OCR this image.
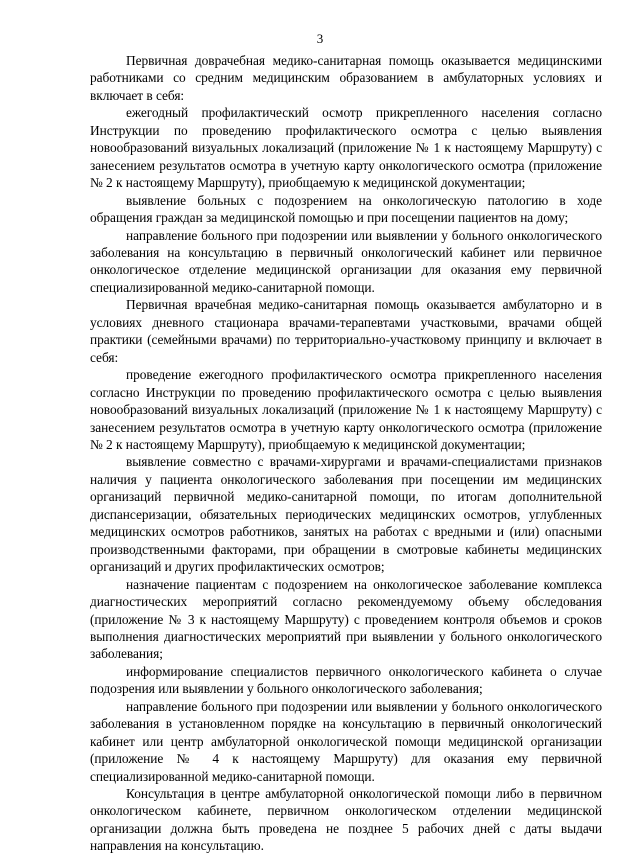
3

Первичная доврачебная медико-санитарная помощь оказывается медицинскими работниками со средним медицинским образованием в амбулаторных условиях и включает в себя:

ежегодный профилактический осмотр прикрепленного населения согласно Инструкции по проведению профилактического осмотра с целью выявления новообразований визуальных локализаций (приложение № 1 к настоящему Маршруту) с занесением результатов осмотра в учетную карту онкологического осмотра (приложение № 2 к настоящему Маршруту), приобщаемую к медицинской документации;

выявление больных с подозрением на онкологическую патологию в ходе обращения граждан за медицинской помощью и при посещении пациентов на дому;

направление больного при подозрении или выявлении у больного онкологического заболевания на консультацию в первичный онкологический кабинет или первичное онкологическое отделение медицинской организации для оказания ему первичной специализированной медико-санитарной помощи.

Первичная врачебная медико-санитарная помощь оказывается амбулаторно и в условиях дневного стационара врачами-терапевтами участковыми, врачами общей практики (семейными врачами) по территориально-участковому принципу и включает в себя:

проведение ежегодного профилактического осмотра прикрепленного населения согласно Инструкции по проведению профилактического осмотра с целью выявления новообразований визуальных локализаций (приложение № 1 к настоящему Маршруту) с занесением результатов осмотра в учетную карту онкологического осмотра (приложение № 2 к настоящему Маршруту), приобщаемую к медицинской документации;

выявление совместно с врачами-хирургами и врачами-специалистами признаков наличия у пациента онкологического заболевания при посещении им медицинских организаций первичной медико-санитарной помощи, по итогам дополнительной диспансеризации, обязательных периодических медицинских осмотров, углубленных медицинских осмотров работников, занятых на работах с вредными и (или) опасными производственными факторами, при обращении в смотровые кабинеты медицинских организаций и других профилактических осмотров;

назначение пациентам с подозрением на онкологическое заболевание комплекса диагностических мероприятий согласно рекомендуемому объему обследования (приложение № 3 к настоящему Маршруту) с проведением контроля объемов и сроков выполнения диагностических мероприятий при выявлении у больного онкологического заболевания;

информирование специалистов первичного онкологического кабинета о случае подозрения или выявлении у больного онкологического заболевания;

направление больного при подозрении или выявлении у больного онкологического заболевания в установленном порядке на консультацию в первичный онкологический кабинет или центр амбулаторной онкологической помощи медицинской организации (приложение № 4 к настоящему Маршруту) для оказания ему первичной специализированной медико-санитарной помощи.

Консультация в центре амбулаторной онкологической помощи либо в первичном онкологическом кабинете, первичном онкологическом отделении медицинской организации должна быть проведена не позднее 5 рабочих дней с даты выдачи направления на консультацию.
